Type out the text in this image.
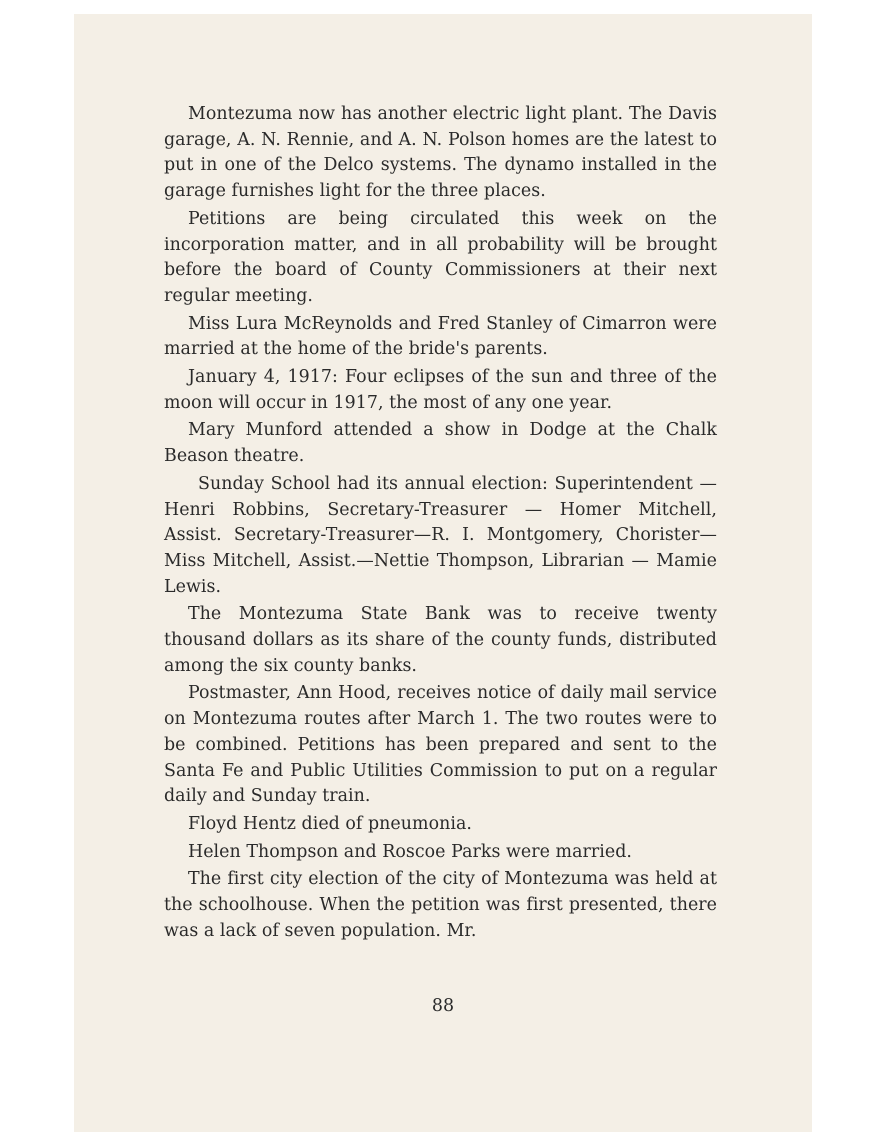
Montezuma now has another electric light plant. The Davis garage, A. N. Rennie, and A. N. Polson homes are the latest to put in one of the Delco systems. The dynamo installed in the garage furnishes light for the three places.

Petitions are being circulated this week on the incorporation matter, and in all probability will be brought before the board of County Commissioners at their next regular meeting.

Miss Lura McReynolds and Fred Stanley of Cimarron were married at the home of the bride's parents.

January 4, 1917: Four eclipses of the sun and three of the moon will occur in 1917, the most of any one year.

Mary Munford attended a show in Dodge at the Chalk Beason theatre.

Sunday School had its annual election: Superintendent — Henri Robbins, Secretary-Treasurer — Homer Mitchell, Assist. Secretary-Treasurer—R. I. Montgomery, Chorister—Miss Mitchell, Assist.—Nettie Thompson, Librarian — Mamie Lewis.

The Montezuma State Bank was to receive twenty thousand dollars as its share of the county funds, distributed among the six county banks.

Postmaster, Ann Hood, receives notice of daily mail service on Montezuma routes after March 1. The two routes were to be combined. Petitions has been prepared and sent to the Santa Fe and Public Utilities Commission to put on a regular daily and Sunday train.

Floyd Hentz died of pneumonia.

Helen Thompson and Roscoe Parks were married.

The first city election of the city of Montezuma was held at the schoolhouse. When the petition was first presented, there was a lack of seven population. Mr.

88
